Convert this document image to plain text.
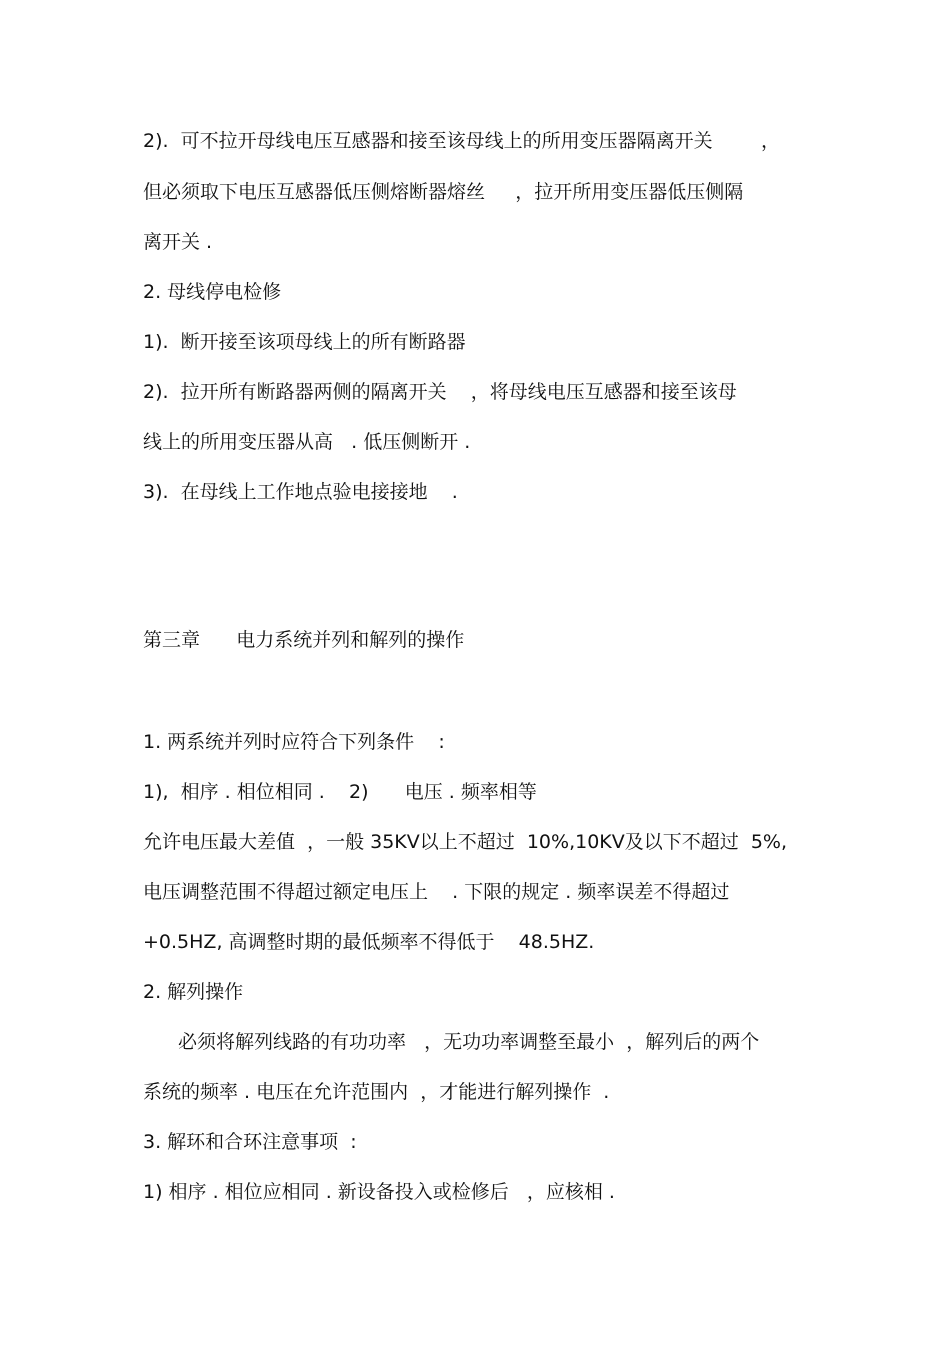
2).  可不拉开母线电压互感器和接至该母线上的所用变压器隔离开关        ，
但必须取下电压互感器低压侧熔断器熔丝     ，拉开所用变压器低压侧隔
离开关 .
2. 母线停电检修
1).  断开接至该项母线上的所有断路器
2).  拉开所有断路器两侧的隔离开关    ，将母线电压互感器和接至该母
线上的所用变压器从高   . 低压侧断开 .
3).  在母线上工作地点验电接接地    .
第三章      电力系统并列和解列的操作
1. 两系统并列时应符合下列条件    :
1),  相序 . 相位相同 .    2)      电压 . 频率相等
允许电压最大差值  ，一般 35KV以上不超过  10%,10KV及以下不超过  5%,
电压调整范围不得超过额定电压上    . 下限的规定 . 频率误差不得超过
+0.5HZ, 高调整时期的最低频率不得低于    48.5HZ.
2. 解列操作
必须将解列线路的有功功率   ，无功功率调整至最小  ，解列后的两个
系统的频率 . 电压在允许范围内  ，才能进行解列操作  .
3. 解环和合环注意事项  :
1) 相序 . 相位应相同 . 新设备投入或检修后   ，应核相 .
